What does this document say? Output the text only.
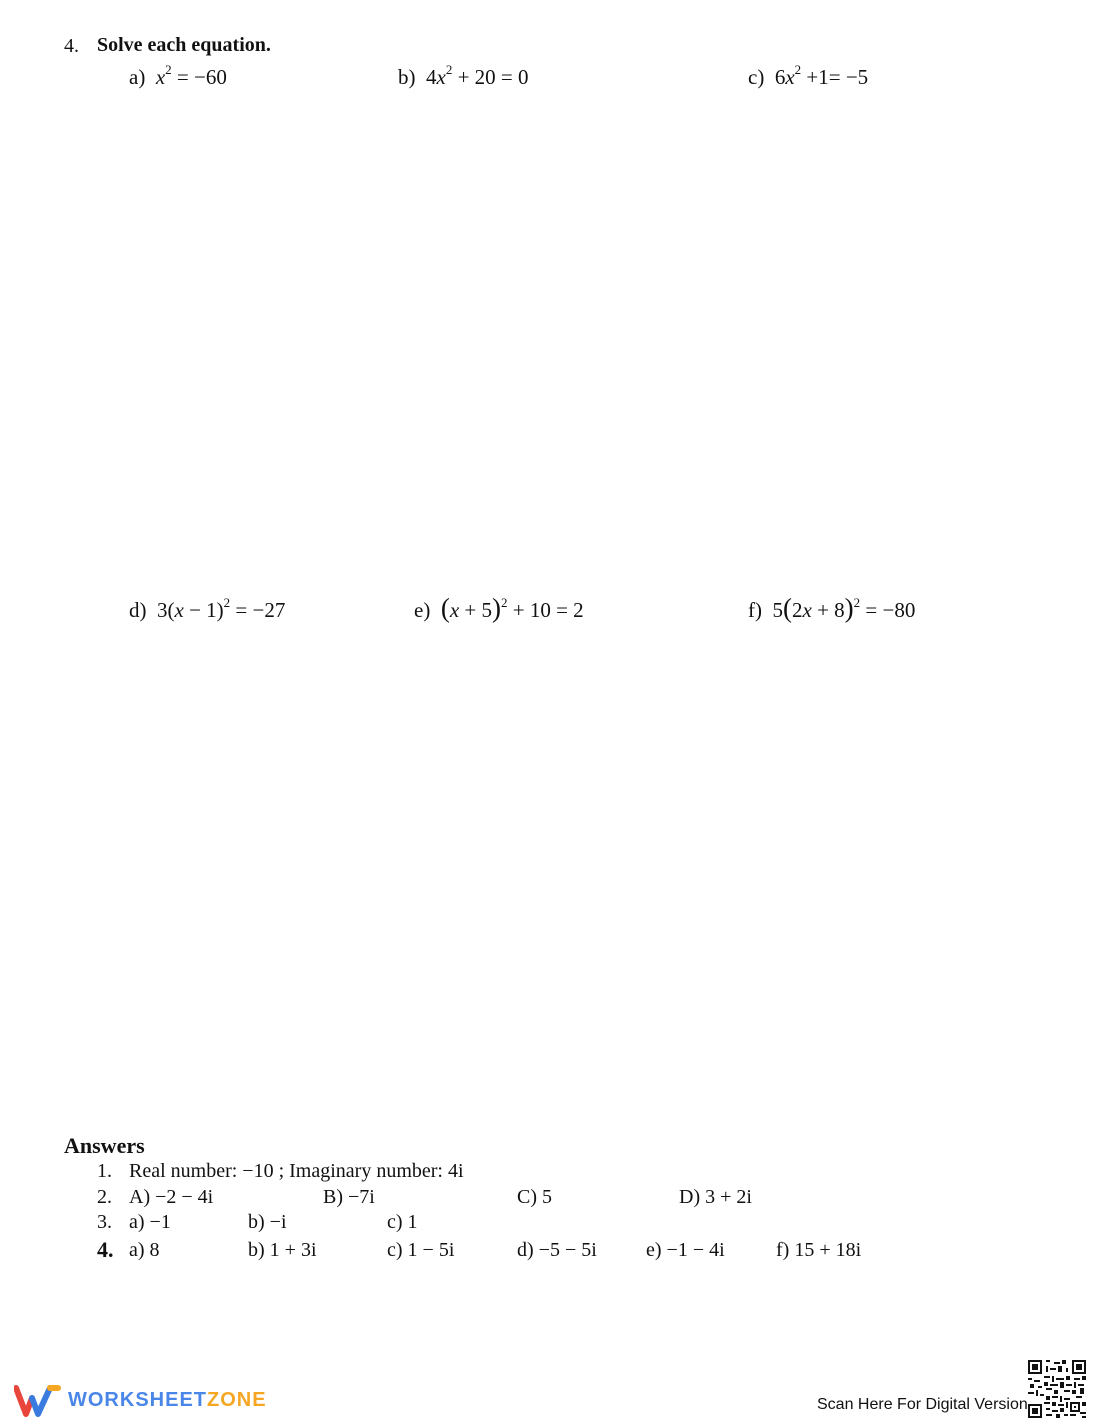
4. Solve each equation.
a) $x^2 = -60$	b)  $4x^2 + 20 = 0$	c)  $6x^2 +1= -5$
d)  $3(x - 1)^2 = -27$	e) $(x + 5)^2 + 10 = 2$	f)  $5(2x + 8)^2 = -80$
Answers
1. Real number: −10 ; Imaginary number: 4i
2. A) −2 − 4i	B) −7i	C) 5	D) 3 + 2i
3. a) −1	b) −i	c) 1
4. a) 8	b) 1 + 3i	c) 1 − 5i	d) −5 − 5i e) −1 − 4i	f) 15 + 18i
WORKSHEETZONE	Scan Here For Digital Version
